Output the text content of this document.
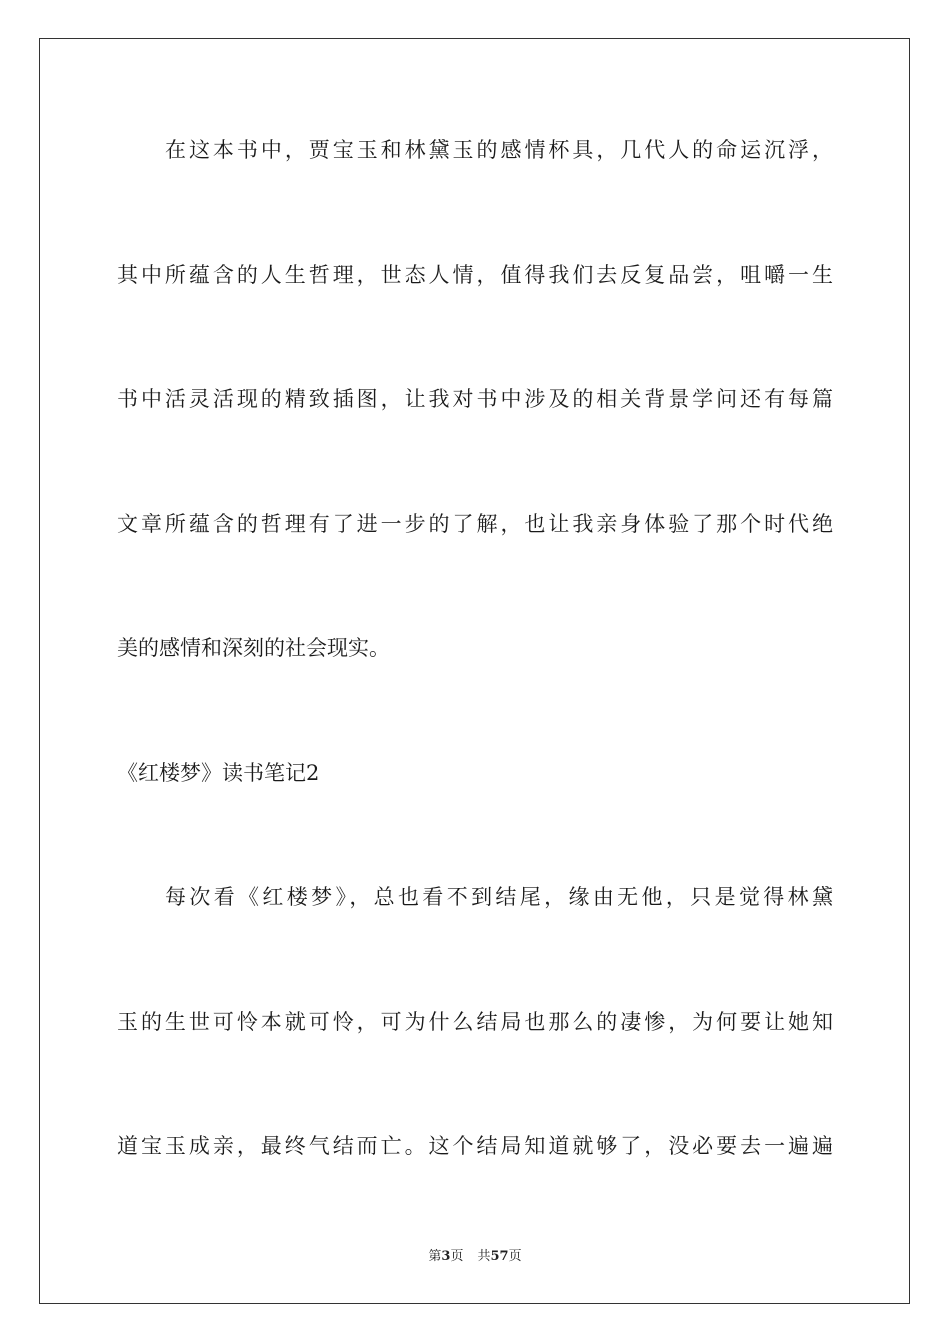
在这本书中，贾宝玉和林黛玉的感情杯具，几代人的命运沉浮，
其中所蕴含的人生哲理，世态人情，值得我们去反复品尝，咀嚼一生
书中活灵活现的精致插图，让我对书中涉及的相关背景学问还有每篇
文章所蕴含的哲理有了进一步的了解，也让我亲身体验了那个时代绝
美的感情和深刻的社会现实。
《红楼梦》读书笔记2
每次看《红楼梦》，总也看不到结尾，缘由无他，只是觉得林黛
玉的生世可怜本就可怜，可为什么结局也那么的凄惨，为何要让她知
道宝玉成亲，最终气结而亡。这个结局知道就够了，没必要去一遍遍
第3页 共57页
